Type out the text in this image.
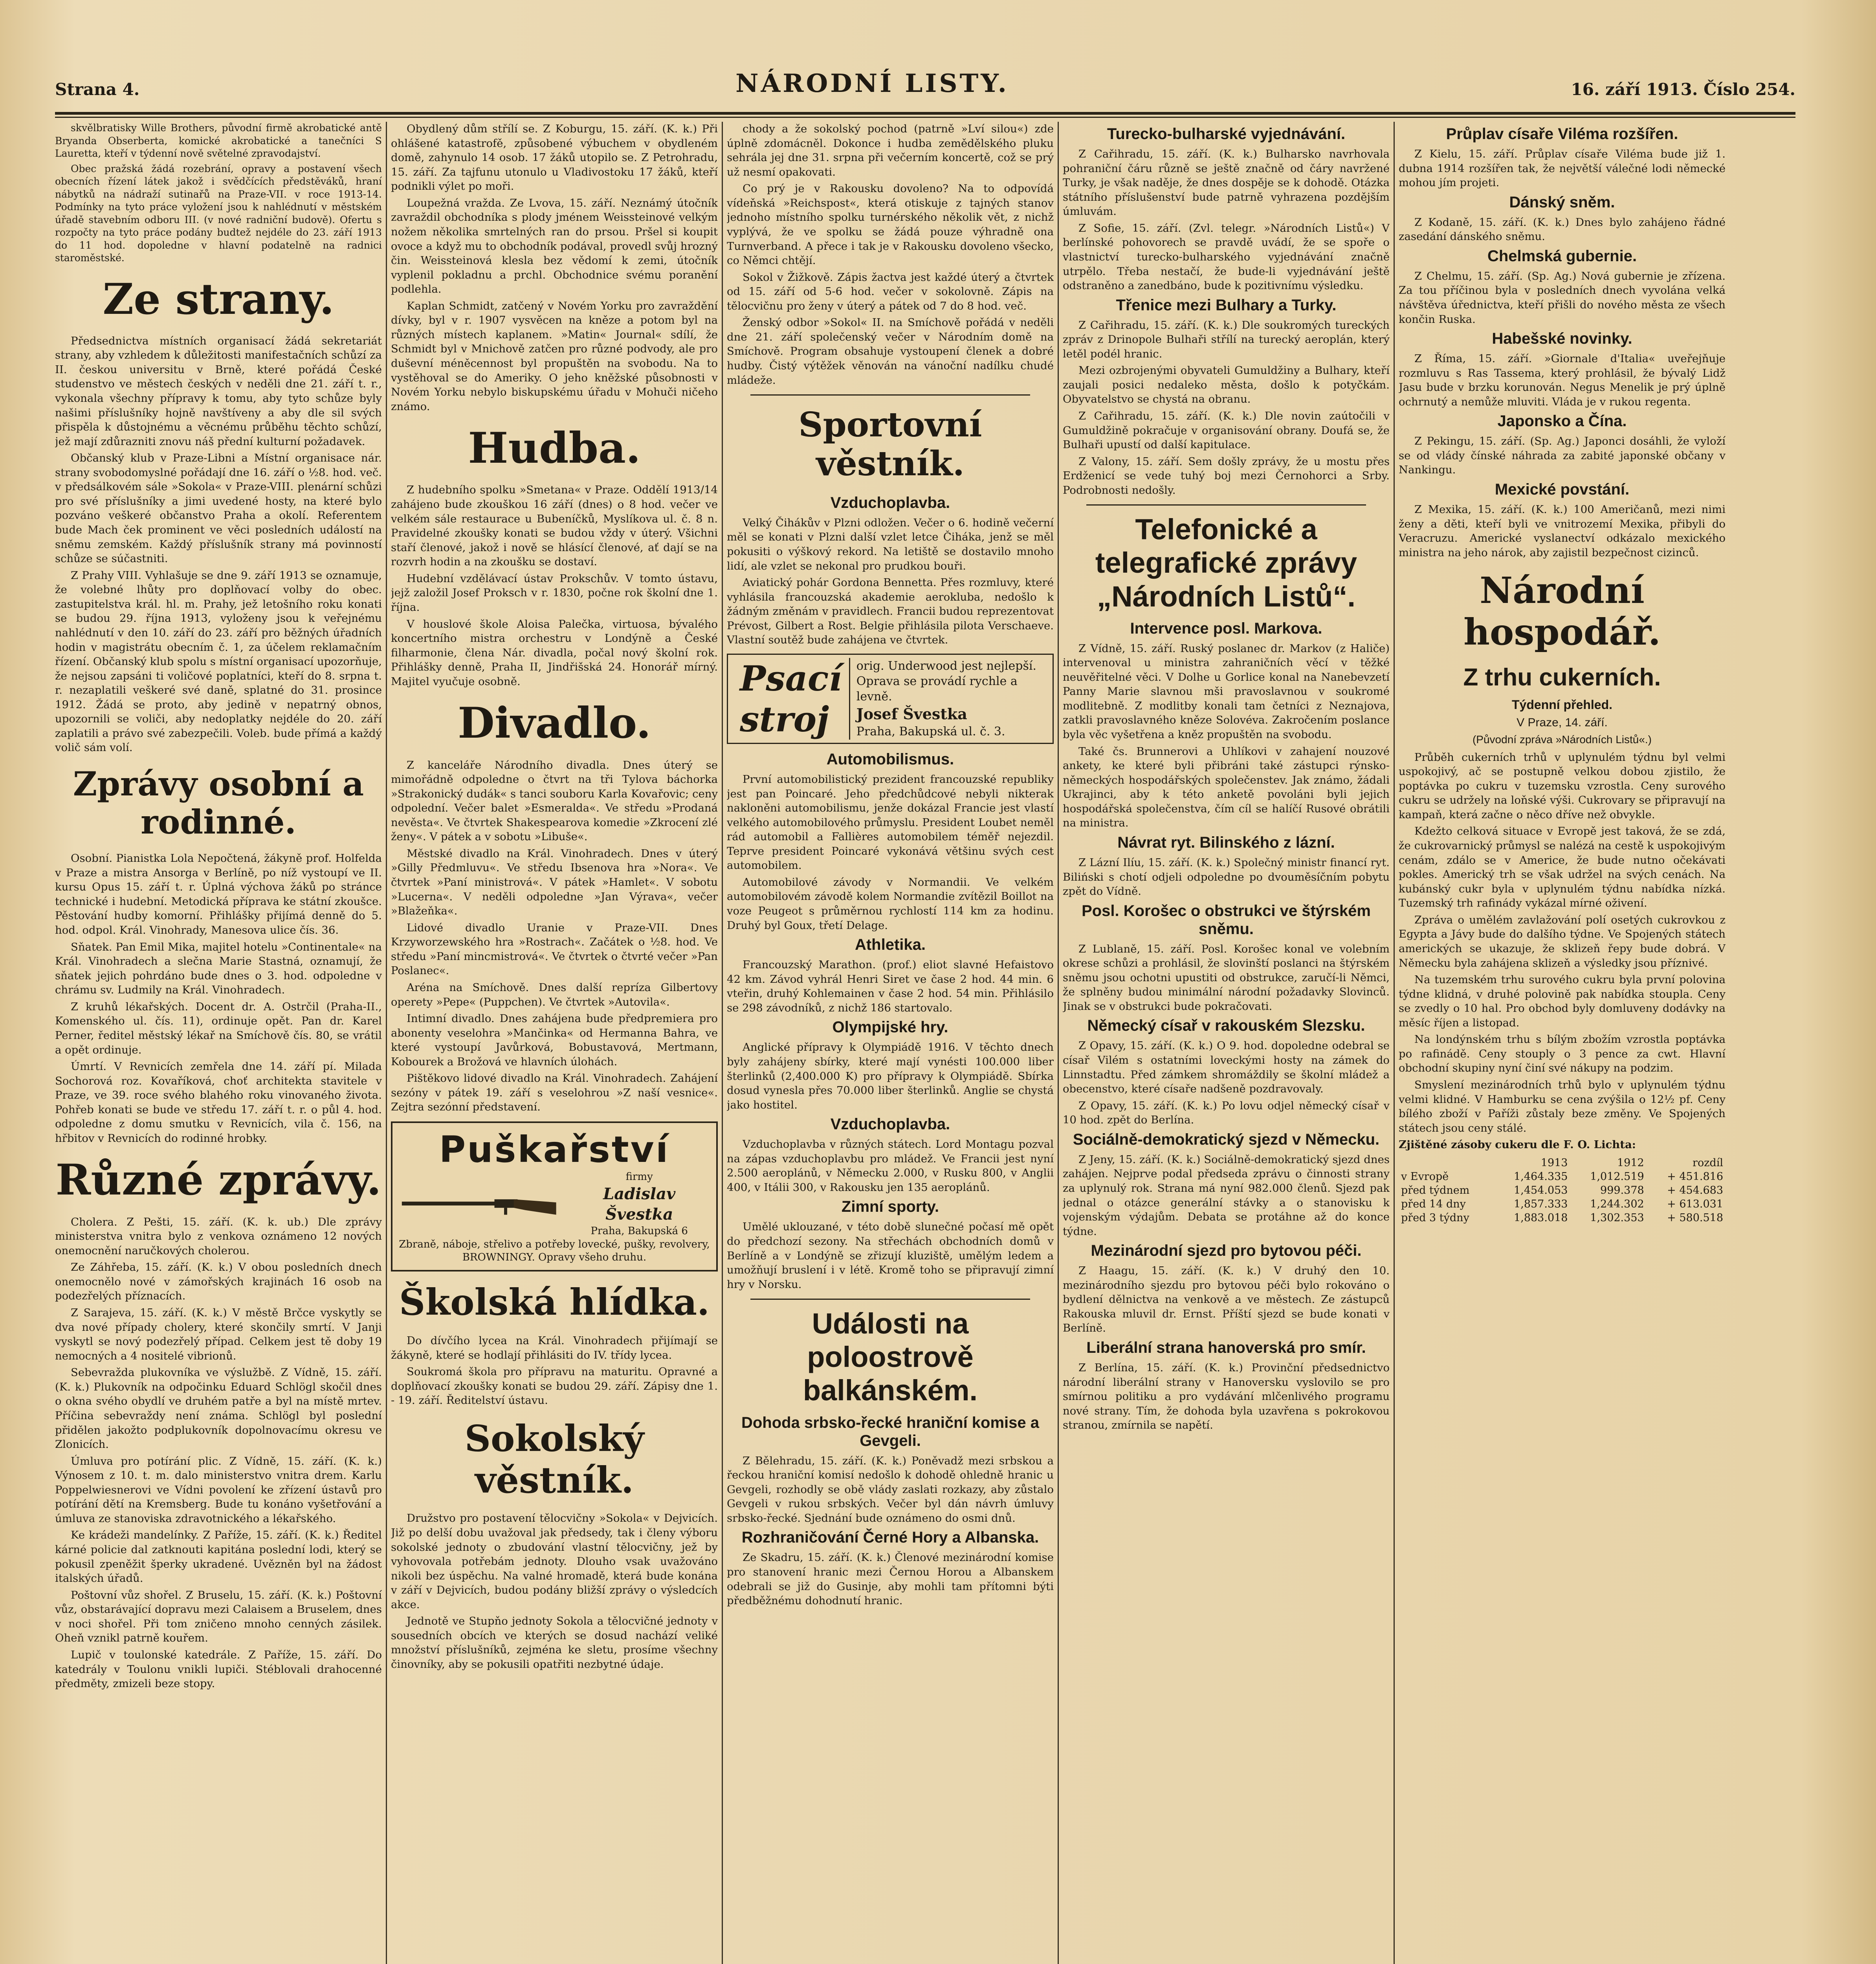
Strana 4.	NÁRODNÍ LISTY.	16. září 1913. Číslo 254.

skvělbratisky Wille Brothers, původní firmě akrobatické antě Bryanda Obserberta, komické akrobatické a tanečníci S Lauretta, kteří v týdenní nově světelné zpravodajství.

Obec pražská žádá rozebrání, opravy a postavení všech obecních řízení látek jakož i svědčících předstěváků, hraní nábytků na nádraží sutinařů na Praze-VII. v roce 1913-14. Podmínky na tyto práce vyložení jsou k nahlédnutí v městském úřadě stavebním odboru III. (v nové radniční budově). Ofertu s rozpočty na tyto práce podány budtež nejdéle do 23. září 1913 do 11 hod. dopoledne v hlavní podatelně na radnici staroměstské.

Ze strany.

Předsednictva místních organisací žádá sekretariát strany, aby vzhledem k důležitosti manifestačních schůzí za II. českou universitu v Brně, které pořádá České studenstvo ve městech českých v neděli dne 21. září t. r., vykonala všechny přípravy k tomu, aby tyto schůze byly našimi příslušníky hojně navštíveny a aby dle sil svých přispěla k důstojnému a věcnému průběhu těchto schůzí, jež mají zdůrazniti znovu náš přední kulturní požadavek.

Občanský klub v Praze-Libni a Místní organisace nár. strany svobodomyslné pořádají dne 16. září o ½8. hod. več. v předsálkovém sále »Sokola« v Praze-VIII. plenární schůzi pro své příslušníky a jimi uvedené hosty, na které bylo pozváno veškeré občanstvo Praha a okolí. Referentem bude Mach ček prominent ve věci posledních událostí na sněmu zemském. Každý příslušník strany má povinností schůze se súčastniti.

Z Prahy VIII. Vyhlašuje se dne 9. září 1913 se oznamuje, že volebné lhůty pro doplňovací volby do obec. zastupitelstva král. hl. m. Prahy, jež letošního roku konati se budou 29. října 1913, vyloženy jsou k veřejnému nahlédnutí v den 10. září do 23. září pro běžných úřadních hodin v magistrátu obecním č. 1, za účelem reklamačním řízení. Občanský klub spolu s místní organisací upozorňuje, že nejsou zapsáni ti voličové poplatníci, kteří do 8. srpna t. r. nezaplatili veškeré své daně, splatné do 31. prosince 1912. Žádá se proto, aby jedině v nepatrný obnos, upozornili se voliči, aby nedoplatky nejdéle do 20. září zaplatili a právo své zabezpečili. Voleb. bude přímá a každý volič sám volí.

Zprávy osobní a rodinné.

Osobní. Pianistka Lola Nepočtená, žákyně prof. Holfelda v Praze a mistra Ansorga v Berlíně, po níž vystoupí ve II. kursu Opus 15. září t. r. Úplná výchova žáků po stránce technické i hudební. Metodická příprava ke státní zkoušce. Pěstování hudby komorní. Přihlášky přijímá denně do 5. hod. odpol. Král. Vinohrady, Manesova ulice čís. 36.

Sňatek. Pan Emil Mika, majitel hotelu »Continentale« na Král. Vinohradech a slečna Marie Stastná, oznamují, že sňatek jejich pohrdáno bude dnes o 3. hod. odpoledne v chrámu sv. Ludmily na Král. Vinohradech.

Z kruhů lékařských. Docent dr. A. Ostrčil (Praha-II., Komenského ul. čís. 11), ordinuje opět. Pan dr. Karel Perner, ředitel městský lékař na Smíchově čís. 80, se vrátil a opět ordinuje.

Úmrtí. V Revnicích zemřela dne 14. září pí. Milada Sochorová roz. Kovaříková, choť architekta stavitele v Praze, ve 39. roce svého blahého roku vinovaného života. Pohřeb konati se bude ve středu 17. září t. r. o půl 4. hod. odpoledne z domu smutku v Revnicích, vila č. 156, na hřbitov v Revnicích do rodinné hrobky.

Různé zprávy.

Cholera. Z Pešti, 15. září. (K. k. ub.) Dle zprávy ministerstva vnitra bylo z venkova oznámeno 12 nových onemocnění naručkových cholerou.

Ze Záhřeba, 15. září. (K. k.) V obou posledních dnech onemocnělo nové v zámořských krajinách 16 osob na podezřelých příznacích.

Z Sarajeva, 15. září. (K. k.) V městě Brčce vyskytly se dva nové případy cholery, které skončily smrtí. V Janji vyskytl se nový podezřelý případ. Celkem jest tě doby 19 nemocných a 4 nositelé vibrionů.

Sebevražda plukovníka ve výslužbě. Z Vídně, 15. září. (K. k.) Plukovník na odpočinku Eduard Schlögl skočil dnes o okna svého obydlí ve druhém patře a byl na místě mrtev. Příčina sebevraždy není známa. Schlögl byl poslední přidělen jakožto podplukovník dopolnovacímu okresu ve Zlonicích.

Úmluva pro potírání plic. Z Vídně, 15. září. (K. k.) Výnosem z 10. t. m. dalo ministerstvo vnitra drem. Karlu Poppelwiesnerovi ve Vídni povolení ke zřízení ústavů pro potírání dětí na Kremsberg. Bude tu konáno vyšetřování a úmluva ze stanoviska zdravotnického a lékařského.

Ke krádeži mandelínky. Z Paříže, 15. září. (K. k.) Ředitel kárné policie dal zatknouti kapitána poslední lodi, který se pokusil zpeněžit šperky ukradené. Uvězněn byl na žádost italských úřadů.

Poštovní vůz shořel. Z Bruselu, 15. září. (K. k.) Poštovní vůz, obstarávající dopravu mezi Calaisem a Bruselem, dnes v noci shořel. Při tom zničeno mnoho cenných zásilek. Oheň vznikl patrně kouřem.

Lupič v toulonské katedrále. Z Paříže, 15. září. Do katedrály v Toulonu vnikli lupiči. Stéblovali drahocenné předměty, zmizeli beze stopy.

Obydlený dům střílí se. Z Koburgu, 15. září. (K. k.) Při ohlášené katastrofě, způsobené výbuchem v obydleném domě, zahynulo 14 osob. 17 žáků utopilo se. Z Petrohradu, 15. září. Za tajfunu utonulo u Vladivostoku 17 žáků, kteří podnikli výlet po moři.

Loupežná vražda. Ze Lvova, 15. září. Neznámý útočník zavraždil obchodníka s plody jménem Weissteinové velkým nožem několika smrtelných ran do prsou. Pršel si koupit ovoce a když mu to obchodník podával, provedl svůj hrozný čin. Weissteinová klesla bez vědomí k zemi, útočník vyplenil pokladnu a prchl. Obchodnice svému poranění podlehla.

Kaplan Schmidt, zatčený v Novém Yorku pro zavraždění dívky, byl v r. 1907 vysvěcen na kněze a potom byl na různých místech kaplanem. »Matin« Journal« sdílí, že Schmidt byl v Mnichově zatčen pro různé podvody, ale pro duševní méněcennost byl propuštěn na svobodu. Na to vystěhoval se do Ameriky. O jeho kněžské působnosti v Novém Yorku nebylo biskupskému úřadu v Mohuči ničeho známo.

Hudba.

Z hudebního spolku »Smetana« v Praze. Oddělí 1913/14 zahájeno bude zkouškou 16 září (dnes) o 8 hod. večer ve velkém sále restaurace u Bubeníčků, Myslíkova ul. č. 8 n. Pravidelné zkoušky konati se budou vždy v úterý. Všichni staří členové, jakož i nově se hlásící členové, ať dají se na rozvrh hodin a na zkoušku se dostaví.

Hudební vzdělávací ústav Prokschův. V tomto ústavu, jejž založil Josef Proksch v r. 1830, počne rok školní dne 1. října.

V houslové škole Aloisa Palečka, virtuosa, bývalého koncertního mistra orchestru v Londýně a České filharmonie, člena Nár. divadla, počal nový školní rok. Přihlášky denně, Praha II, Jindřišská 24. Honorář mírný. Majitel vyučuje osobně.

Divadlo.

Z kanceláře Národního divadla. Dnes úterý se mimořádně odpoledne o čtvrt na tři Tylova báchorka »Strakonický dudák« s tanci souboru Karla Kovařovic; ceny odpolední. Večer balet »Esmeralda«. Ve středu »Prodaná nevěsta«. Ve čtvrtek Shakespearova komedie »Zkrocení zlé ženy«. V pátek a v sobotu »Libuše«.

Městské divadlo na Král. Vinohradech. Dnes v úterý »Gilly Předmluvu«. Ve středu Ibsenova hra »Nora«. Ve čtvrtek »Paní ministrová«. V pátek »Hamlet«. V sobotu »Lucerna«. V neděli odpoledne »Jan Výrava«, večer »Blažeňka«.

Lidové divadlo Uranie v Praze-VII. Dnes Krzyworzewského hra »Rostrach«. Začátek o ½8. hod. Ve středu »Paní mincmistrová«. Ve čtvrtek o čtvrté večer »Pan Poslanec«.

Aréna na Smíchově. Dnes další repríza Gilbertovy operety »Pepe« (Puppchen). Ve čtvrtek »Autovila«.

Intimní divadlo. Dnes zahájena bude předpremiera pro abonenty veselohra »Mančinka« od Hermanna Bahra, ve které vystoupí Javůrková, Bobustavová, Mertmann, Kobourek a Brožová ve hlavních úlohách.

Pištěkovo lidové divadlo na Král. Vinohradech. Zahájení sezóny v pátek 19. září s veselohrou »Z naší vesnice«. Zejtra sezónní představení.

Puškařství
firmy
Ladislav Švestka
Praha, Bakupská 6
Zbraně, náboje, střelivo a potřeby lovecké, pušky, revolvery, BROWNINGY. Opravy všeho druhu.
Školská hlídka.

Do dívčího lycea na Král. Vinohradech přijímají se žákyně, které se hodlají přihlásiti do IV. třídy lycea.

Soukromá škola pro přípravu na maturitu. Opravné a doplňovací zkoušky konati se budou 29. září. Zápisy dne 1. - 19. září. Ředitelství ústavu.

Sokolský věstník.

Družstvo pro postavení tělocvičny »Sokola« v Dejvicích. Již po delší dobu uvažoval jak předsedy, tak i členy výboru sokolské jednoty o zbudování vlastní tělocvičny, jež by vyhovovala potřebám jednoty. Dlouho vsak uvažováno nikoli bez úspěchu. Na valné hromadě, která bude konána v září v Dejvicích, budou podány bližší zprávy o výsledcích akce.

Jednotě ve Stupňo jednoty Sokola a tělocvičné jednoty v sousedních obcích ve kterých se dosud nachází veliké množství příslušníků, zejména ke sletu, prosíme všechny činovníky, aby se pokusili opatřiti nezbytné údaje.

chody a že sokolský pochod (patrně »Lví silou«) zde úplně zdomácněl. Dokonce i hudba zemědělského pluku sehrála jej dne 31. srpna při večerním koncertě, což se prý už nesmí opakovati.

Co prý je v Rakousku dovoleno? Na to odpovídá vídeňská »Reichspost«, která otiskuje z tajných stanov jednoho místního spolku turnérského několik vět, z nichž vyplývá, že ve spolku se žádá pouze výhradně ona Turnverband. A přece i tak je v Rakousku dovoleno všecko, co Němci chtějí.

Sokol v Žižkově. Zápis žactva jest každé úterý a čtvrtek od 15. září od 5-6 hod. večer v sokolovně. Zápis na tělocvičnu pro ženy v úterý a pátek od 7 do 8 hod. več.

Ženský odbor »Sokol« II. na Smíchově pořádá v neděli dne 21. září společenský večer v Národním domě na Smíchově. Program obsahuje vystoupení členek a dobré hudby. Čistý výtěžek věnován na vánoční nadílku chudé mládeže.

Sportovní věstník.
Vzduchoplavba.

Velký Čihákův v Plzni odložen. Večer o 6. hodině večerní měl se konati v Plzni další vzlet letce Čiháka, jenž se měl pokusiti o výškový rekord. Na letiště se dostavilo mnoho lidí, ale vzlet se nekonal pro prudkou bouři.

Aviatický pohár Gordona Bennetta. Přes rozmluvy, které vyhlásila francouzská akademie aerokluba, nedošlo k žádným změnám v pravidlech. Francii budou reprezentovat Prévost, Gilbert a Rost. Belgie přihlásila pilota Verschaeve. Vlastní soutěž bude zahájena ve čtvrtek.

Psací stroj
orig. Underwood jest nejlepší. Oprava se provádí rychle a levně.
Josef Švestka
Praha, Bakupská ul. č. 3.
Automobilismus.

První automobilistický prezident francouzské republiky jest pan Poincaré. Jeho předchůdcové nebyli nikterak nakloněni automobilismu, jenže dokázal Francie jest vlastí velkého automobilového průmyslu. President Loubet neměl rád automobil a Fallières automobilem téměř nejezdil. Teprve president Poincaré vykonává většinu svých cest automobilem.

Automobilové závody v Normandii. Ve velkém automobilovém závodě kolem Normandie zvítězil Boillot na voze Peugeot s průměrnou rychlostí 114 km za hodinu. Druhý byl Goux, třetí Delage.

Athletika.

Francouzský Marathon. (prof.) eliot slavné Hefaistovo 42 km. Závod vyhrál Henri Siret ve čase 2 hod. 44 min. 6 vteřin, druhý Kohlemainen v čase 2 hod. 54 min. Přihlásilo se 298 závodníků, z nichž 186 startovalo.

Olympijské hry.

Anglické přípravy k Olympiádě 1916. V těchto dnech byly zahájeny sbírky, které mají vynésti 100.000 liber šterlinků (2,400.000 K) pro přípravy k Olympiádě. Sbírka dosud vynesla přes 70.000 liber šterlinků. Anglie se chystá jako hostitel.

Vzduchoplavba.

Vzduchoplavba v různých státech. Lord Montagu pozval na zápas vzduchoplavbu pro mládež. Ve Francii jest nyní 2.500 aeroplánů, v Německu 2.000, v Rusku 800, v Anglii 400, v Itálii 300, v Rakousku jen 135 aeroplánů.

Zimní sporty.

Umělé uklouzané, v této době slunečné počasí mě opět do předchozí sezony. Na střechách obchodních domů v Berlíně a v Londýně se zřizují kluziště, umělým ledem a umožňují bruslení i v létě. Kromě toho se připravují zimní hry v Norsku.

Události na poloostrově balkánském.
Dohoda srbsko-řecké hraniční komise a Gevgeli.

Z Bělehradu, 15. září. (K. k.) Poněvadž mezi srbskou a řeckou hraniční komisí nedošlo k dohodě ohledně hranic u Gevgeli, rozhodly se obě vlády zaslati rozkazy, aby zůstalo Gevgeli v rukou srbských. Večer byl dán návrh úmluvy srbsko-řecké. Sjednání bude oznámeno do osmi dnů.

Rozhraničování Černé Hory a Albanska.

Ze Skadru, 15. září. (K. k.) Členové mezinárodní komise pro stanovení hranic mezi Černou Horou a Albanskem odebrali se již do Gusinje, aby mohli tam přítomni býti předběžnému dohodnutí hranic.

Turecko-bulharské vyjednávání.

Z Cařihradu, 15. září. (K. k.) Bulharsko navrhovala pohraniční čáru různě se ještě značně od čáry navržené Turky, je však naděje, že dnes dospěje se k dohodě. Otázka státního příslušenství bude patrně vyhrazena pozdějším úmluvám.

Z Sofie, 15. září. (Zvl. telegr. »Národních Listů«) V berlínské pohovorech se pravdě uvádí, že se spoře o vlastnictví turecko-bulharského vyjednávání značně utrpělo. Třeba nestačí, že bude-li vyjednávání ještě odstraněno a zanedbáno, bude k pozitivnímu výsledku.

Třenice mezi Bulhary a Turky.

Z Cařihradu, 15. září. (K. k.) Dle soukromých tureckých zpráv z Drinopole Bulhaři střílí na turecký aeroplán, který letěl podél hranic.

Mezi ozbrojenými obyvateli Gumuldžiny a Bulhary, kteří zaujali posici nedaleko města, došlo k potyčkám. Obyvatelstvo se chystá na obranu.

Z Cařihradu, 15. září. (K. k.) Dle novin zaútočili v Gumuldžině pokračuje v organisování obrany. Doufá se, že Bulhaři upustí od další kapitulace.

Z Valony, 15. září. Sem došly zprávy, že u mostu přes Erdženicí se vede tuhý boj mezi Černohorci a Srby. Podrobnosti nedošly.

Telefonické a telegrafické zprávy „Národních Listů“.
Intervence posl. Markova.

Z Vídně, 15. září. Ruský poslanec dr. Markov (z Haliče) intervenoval u ministra zahraničních věcí v těžké neuvěřitelné věci. V Dolhe u Gorlice konal na Nanebevzetí Panny Marie slavnou mši pravoslavnou v soukromé modlitebně. Z modlitby konali tam četníci z Neznajova, zatkli pravoslavného kněze Solovéva. Zakročením poslance byla věc vyšetřena a kněz propuštěn na svobodu.

Také čs. Brunnerovi a Uhlíkovi v zahajení nouzové ankety, ke které byli přibráni také zástupci rýnsko-německých hospodářských společenstev. Jak známo, žádali Ukrajinci, aby k této anketě povoláni byli jejich hospodářská společenstva, čím cíl se halíčí Rusové obrátili na ministra.

Návrat ryt. Bilinského z lázní.

Z Lázní Ilíu, 15. září. (K. k.) Společný ministr financí ryt. Biliński s chotí odjeli odpoledne po dvouměsíčním pobytu zpět do Vídně.

Posl. Korošec o obstrukci ve štýrském sněmu.

Z Lublaně, 15. září. Posl. Korošec konal ve volebním okrese schůzi a prohlásil, že slovinští poslanci na štýrském sněmu jsou ochotni upustiti od obstrukce, zaručí-li Němci, že splněny budou minimální národní požadavky Slovinců. Jinak se v obstrukci bude pokračovati.

Německý císař v rakouském Slezsku.

Z Opavy, 15. září. (K. k.) O 9. hod. dopoledne odebral se císař Vilém s ostatními loveckými hosty na zámek do Linnstadtu. Před zámkem shromáždily se školní mládež a obecenstvo, které císaře nadšeně pozdravovaly.

Z Opavy, 15. září. (K. k.) Po lovu odjel německý císař v 10 hod. zpět do Berlína.

Sociálně-demokratický sjezd v Německu.

Z Jeny, 15. září. (K. k.) Sociálně-demokratický sjezd dnes zahájen. Nejprve podal předseda zprávu o činnosti strany za uplynulý rok. Strana má nyní 982.000 členů. Sjezd pak jednal o otázce generální stávky a o stanovisku k vojenským výdajům. Debata se protáhne až do konce týdne.

Mezinárodní sjezd pro bytovou péči.

Z Haagu, 15. září. (K. k.) V druhý den 10. mezinárodního sjezdu pro bytovou péči bylo rokováno o bydlení dělnictva na venkově a ve městech. Ze zástupců Rakouska mluvil dr. Ernst. Příští sjezd se bude konati v Berlíně.

Liberální strana hanoverská pro smír.

Z Berlína, 15. září. (K. k.) Provinční předsednictvo národní liberální strany v Hanoversku vyslovilo se pro smírnou politiku a pro vydávání mlčenlivého programu nové strany. Tím, že dohoda byla uzavřena s pokrokovou stranou, zmírnila se napětí.

Průplav císaře Viléma rozšířen.

Z Kielu, 15. září. Průplav císaře Viléma bude již 1. dubna 1914 rozšířen tak, že největší válečné lodi německé mohou jím projeti.

Dánský sněm.

Z Kodaně, 15. září. (K. k.) Dnes bylo zahájeno řádné zasedání dánského sněmu.

Chelmská gubernie.

Z Chelmu, 15. září. (Sp. Ag.) Nová gubernie je zřízena. Za tou příčinou byla v posledních dnech vyvolána velká návštěva úřednictva, kteří přišli do nového města ze všech končin Ruska.

Habešské novinky.

Z Říma, 15. září. »Giornale d'Italia« uveřejňuje rozmluvu s Ras Tassema, který prohlásil, že bývalý Lidž Jasu bude v brzku korunován. Negus Menelik je prý úplně ochrnutý a nemůže mluviti. Vláda je v rukou regenta.

Japonsko a Čína.

Z Pekingu, 15. září. (Sp. Ag.) Japonci dosáhli, že vyloží se od vlády čínské náhrada za zabité japonské občany v Nankingu.

Mexické povstání.

Z Mexika, 15. září. (K. k.) 100 Američanů, mezi nimi ženy a děti, kteří byli ve vnitrozemí Mexika, přibyli do Veracruzu. Americké vyslanectví odkázalo mexického ministra na jeho nárok, aby zajistil bezpečnost cizinců.

Národní hospodář.
Z trhu cukerních.
Týdenní přehled.
V Praze, 14. září.
(Původní zpráva »Národních Listů«.)

Průběh cukerních trhů v uplynulém týdnu byl velmi uspokojivý, ač se postupně velkou dobou zjistilo, že poptávka po cukru v tuzemsku vzrostla. Ceny surového cukru se udržely na loňské výši. Cukrovary se připravují na kampaň, která začne o něco dříve než obvykle.

Kdežto celková situace v Evropě jest taková, že se zdá, že cukrovarnický průmysl se nalézá na cestě k uspokojivým cenám, zdálo se v Americe, že bude nutno očekávati pokles. Americký trh se však udržel na svých cenách. Na kubánský cukr byla v uplynulém týdnu nabídka nízká. Tuzemský trh rafinády vykázal mírné oživení.

Zpráva o umělém zavlažování polí osetých cukrovkou z Egypta a Jávy bude do dalšího týdne. Ve Spojených státech amerických se ukazuje, že sklizeň řepy bude dobrá. V Německu byla zahájena sklizeň a výsledky jsou příznivé.

Na tuzemském trhu surového cukru byla první polovina týdne klidná, v druhé polovině pak nabídka stoupla. Ceny se zvedly o 10 hal. Pro obchod byly domluveny dodávky na měsíc říjen a listopad.

Na londýnském trhu s bílým zbožím vzrostla poptávka po rafinádě. Ceny stouply o 3 pence za cwt. Hlavní obchodní skupiny nyní činí své nákupy na podzim.

Smyslení mezinárodních trhů bylo v uplynulém týdnu velmi klidné. V Hamburku se cena zvýšila o 12½ pf. Ceny bílého zboží v Paříži zůstaly beze změny. Ve Spojených státech jsou ceny stálé.

Zjištěné zásoby cukeru dle F. O. Lichta:

	1913	1912	rozdíl
v Evropě	1,464.335	1,012.519	+ 451.816
před týdnem	1,454.053	999.378	+ 454.683
před 14 dny	1,857.333	1,244.302	+ 613.031
před 3 týdny	1,883.018	1,302.353	+ 580.518
